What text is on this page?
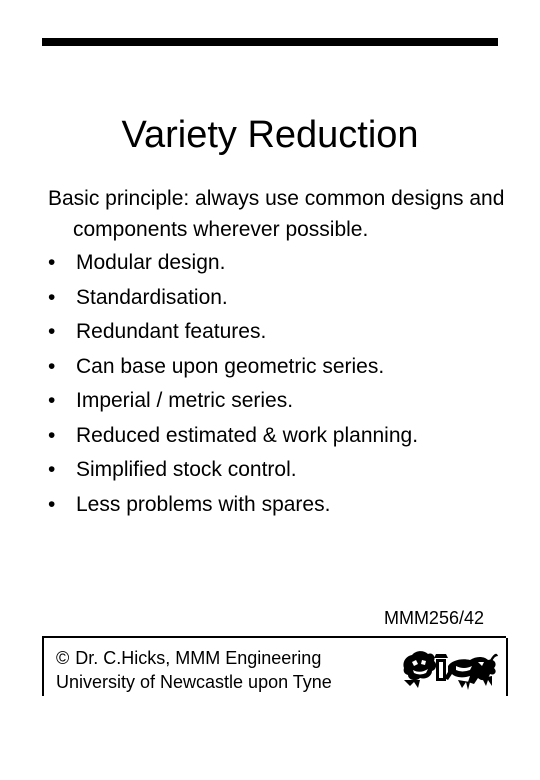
Variety Reduction

Basic principle: always use common designs and components wherever possible.

• Modular design.
• Standardisation.
• Redundant features.
• Can base upon geometric series.
• Imperial / metric series.
• Reduced estimated & work planning.
• Simplified stock control.
• Less problems with spares.
MMM256/42
© Dr. C.Hicks, MMM Engineering
University of Newcastle upon Tyne
